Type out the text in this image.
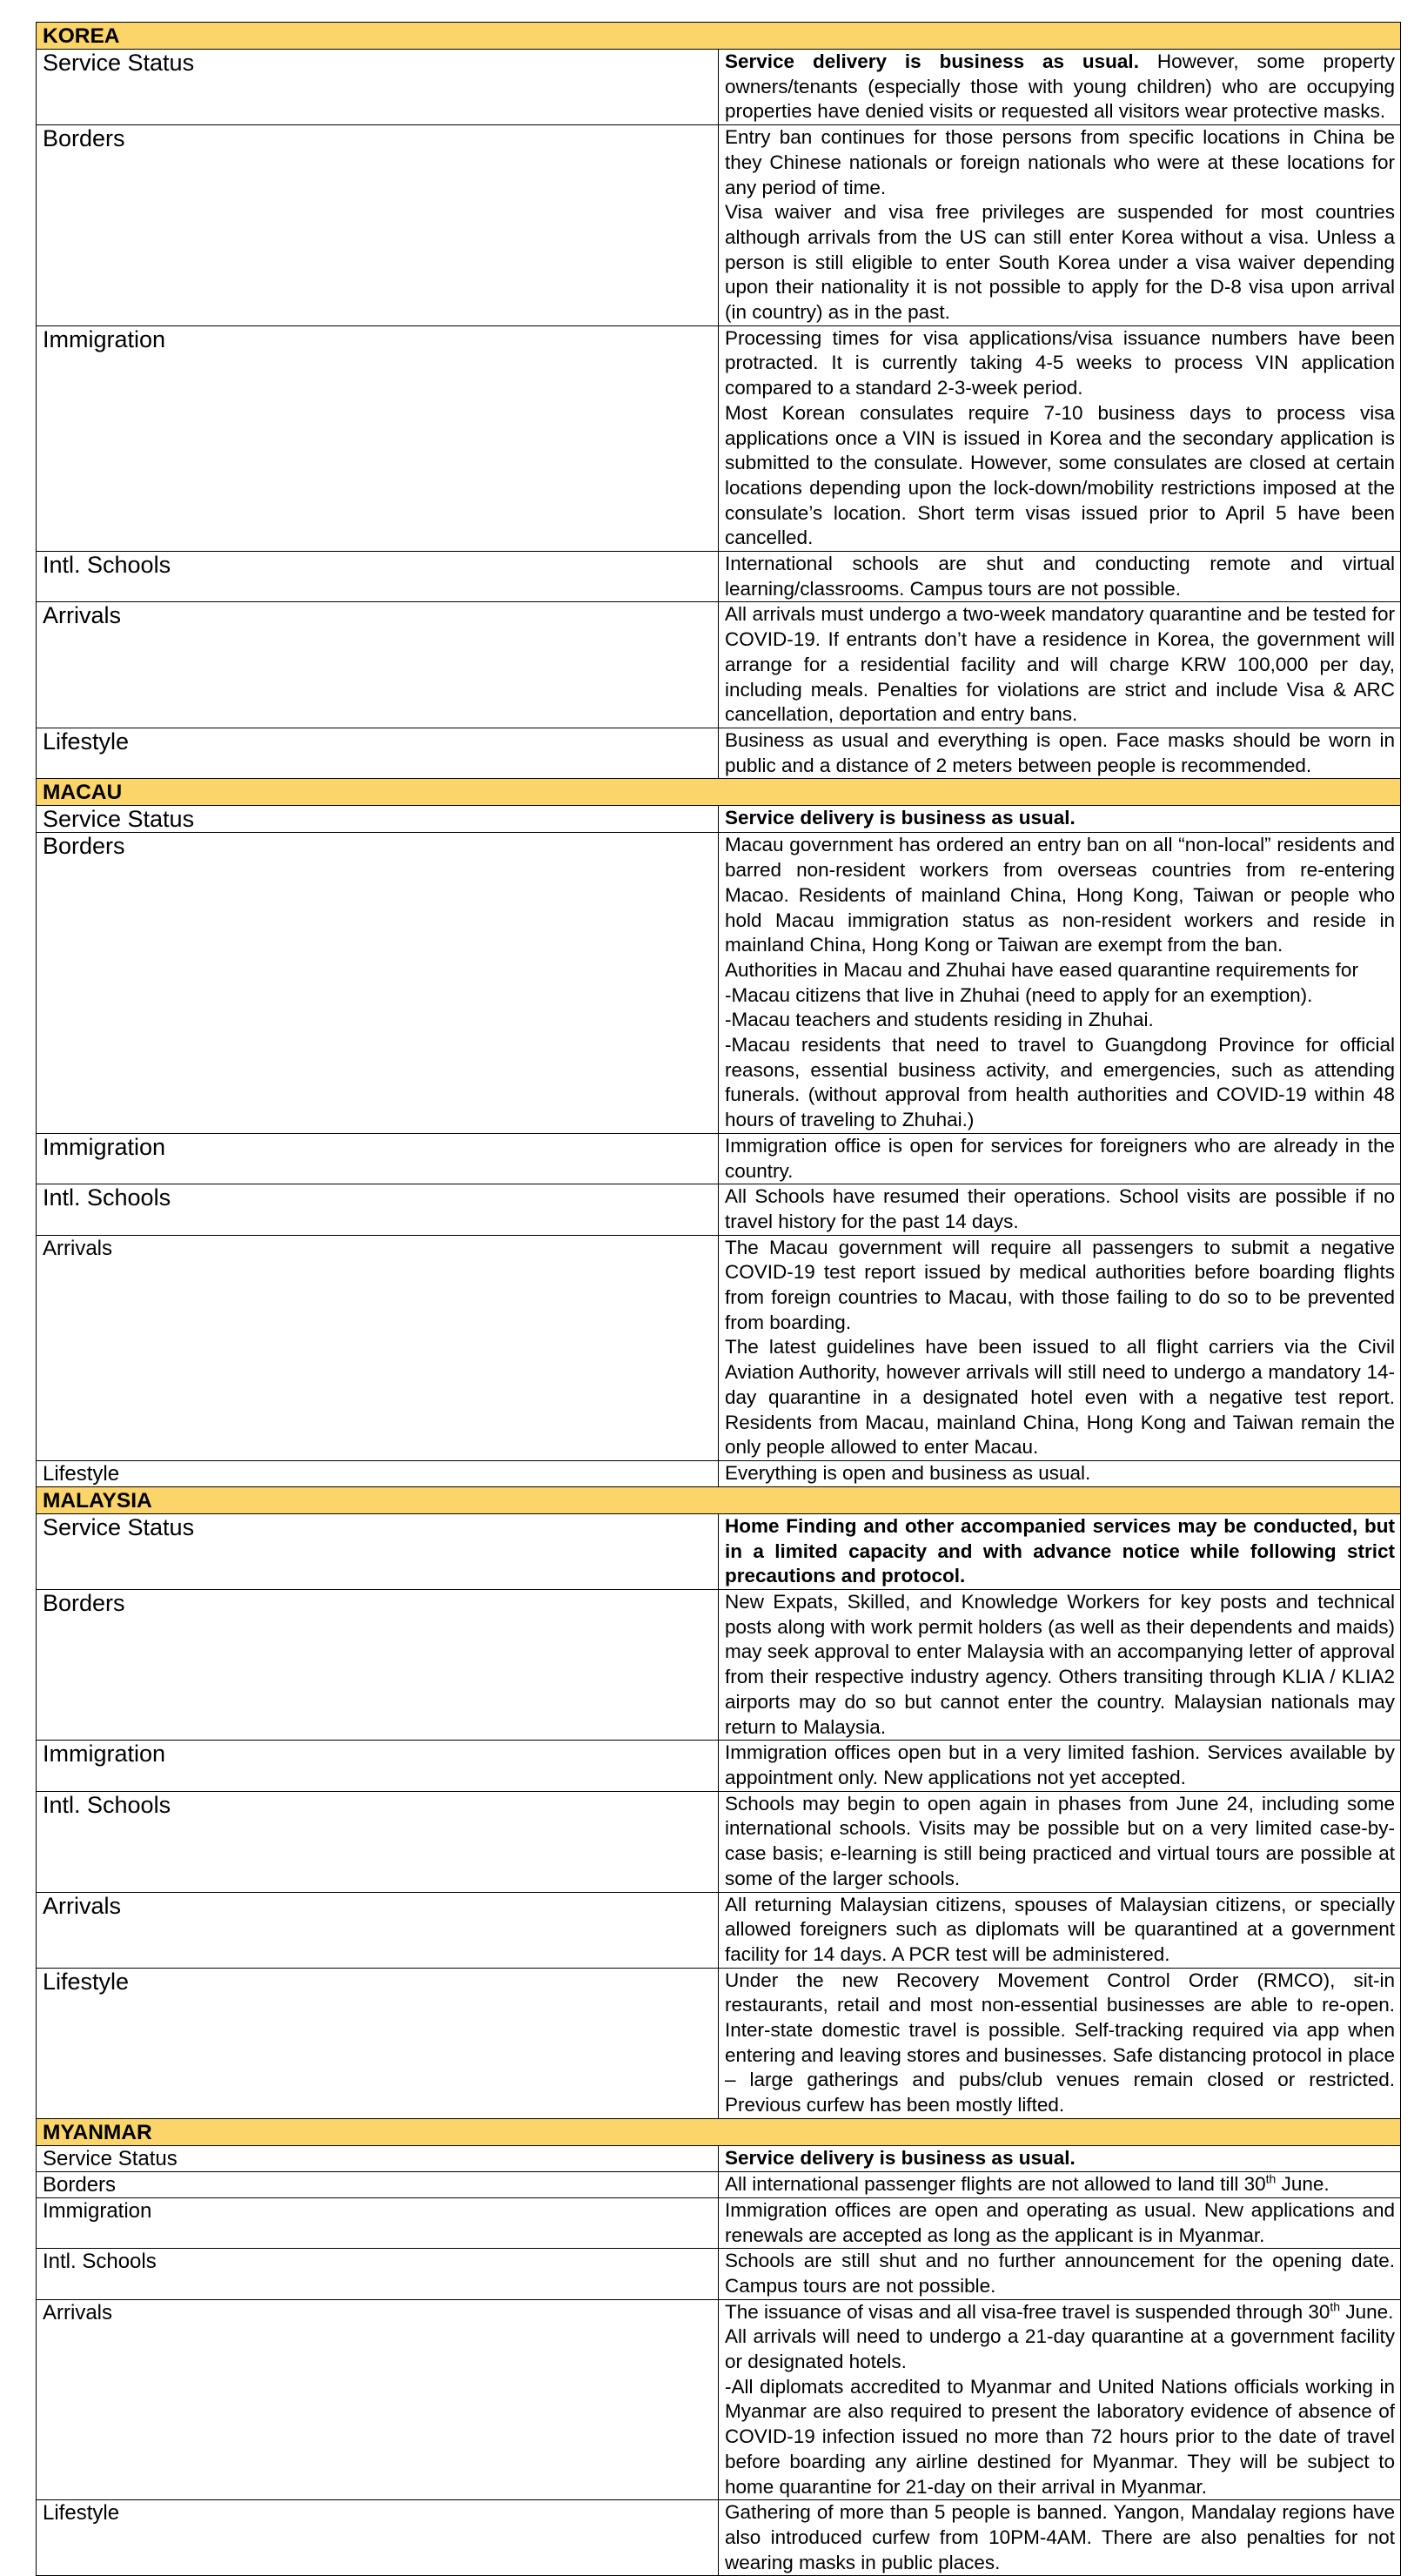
KOREA	
Service Status	Service delivery is business as usual. However, some property owners/tenants (especially those with young children) who are occupying properties have denied visits or requested all visitors wear protective masks.

Borders	Entry ban continues for those persons from specific locations in China be they Chinese nationals or foreign nationals who were at these locations for any period of time.

Visa waiver and visa free privileges are suspended for most countries although arrivals from the US can still enter Korea without a visa. Unless a person is still eligible to enter South Korea under a visa waiver depending upon their nationality it is not possible to apply for the D-8 visa upon arrival (in country) as in the past.

Immigration	Processing times for visa applications/visa issuance numbers have been protracted. It is currently taking 4-5 weeks to process VIN application compared to a standard 2-3-week period.

Most Korean consulates require 7-10 business days to process visa applications once a VIN is issued in Korea and the secondary application is submitted to the consulate. However, some consulates are closed at certain locations depending upon the lock-down/mobility restrictions imposed at the consulate’s location. Short term visas issued prior to April 5 have been cancelled.

Intl. Schools	International schools are shut and conducting remote and virtual learning/classrooms. Campus tours are not possible.

Arrivals	All arrivals must undergo a two-week mandatory quarantine and be tested for COVID-19. If entrants don’t have a residence in Korea, the government will arrange for a residential facility and will charge KRW 100,000 per day, including meals. Penalties for violations are strict and include Visa & ARC cancellation, deportation and entry bans.

Lifestyle	Business as usual and everything is open. Face masks should be worn in public and a distance of 2 meters between people is recommended.

MACAU	
Service Status	Service delivery is business as usual.

Borders	Macau government has ordered an entry ban on all “non-local” residents and barred non-resident workers from overseas countries from re-entering Macao. Residents of mainland China, Hong Kong, Taiwan or people who hold Macau immigration status as non-resident workers and reside in mainland China, Hong Kong or Taiwan are exempt from the ban.

Authorities in Macau and Zhuhai have eased quarantine requirements for

-Macau citizens that live in Zhuhai (need to apply for an exemption).

-Macau teachers and students residing in Zhuhai.

-Macau residents that need to travel to Guangdong Province for official reasons, essential business activity, and emergencies, such as attending funerals. (without approval from health authorities and COVID-19 within 48 hours of traveling to Zhuhai.)

Immigration	Immigration office is open for services for foreigners who are already in the country.

Intl. Schools	All Schools have resumed their operations. School visits are possible if no travel history for the past 14 days.

Arrivals	The Macau government will require all passengers to submit a negative COVID-19 test report issued by medical authorities before boarding flights from foreign countries to Macau, with those failing to do so to be prevented from boarding.

The latest guidelines have been issued to all flight carriers via the Civil Aviation Authority, however arrivals will still need to undergo a mandatory 14-day quarantine in a designated hotel even with a negative test report. Residents from Macau, mainland China, Hong Kong and Taiwan remain the only people allowed to enter Macau.

Lifestyle	Everything is open and business as usual.

MALAYSIA	
Service Status	Home Finding and other accompanied services may be conducted, but in a limited capacity and with advance notice while following strict precautions and protocol.

Borders	New Expats, Skilled, and Knowledge Workers for key posts and technical posts along with work permit holders (as well as their dependents and maids) may seek approval to enter Malaysia with an accompanying letter of approval from their respective industry agency. Others transiting through KLIA / KLIA2 airports may do so but cannot enter the country. Malaysian nationals may return to Malaysia.

Immigration	Immigration offices open but in a very limited fashion. Services available by appointment only. New applications not yet accepted.

Intl. Schools	Schools may begin to open again in phases from June 24, including some international schools. Visits may be possible but on a very limited case-by-case basis; e-learning is still being practiced and virtual tours are possible at some of the larger schools.

Arrivals	All returning Malaysian citizens, spouses of Malaysian citizens, or specially allowed foreigners such as diplomats will be quarantined at a government facility for 14 days. A PCR test will be administered.

Lifestyle	Under the new Recovery Movement Control Order (RMCO), sit-in restaurants, retail and most non-essential businesses are able to re-open. Inter-state domestic travel is possible. Self-tracking required via app when entering and leaving stores and businesses. Safe distancing protocol in place – large gatherings and pubs/club venues remain closed or restricted. Previous curfew has been mostly lifted.

MYANMAR	
Service Status	Service delivery is business as usual.

Borders	All international passenger flights are not allowed to land till 30th June.

Immigration	Immigration offices are open and operating as usual. New applications and renewals are accepted as long as the applicant is in Myanmar.

Intl. Schools	Schools are still shut and no further announcement for the opening date. Campus tours are not possible.

Arrivals	The issuance of visas and all visa-free travel is suspended through 30th June.

All arrivals will need to undergo a 21-day quarantine at a government facility or designated hotels.

-All diplomats accredited to Myanmar and United Nations officials working in Myanmar are also required to present the laboratory evidence of absence of COVID-19 infection issued no more than 72 hours prior to the date of travel before boarding any airline destined for Myanmar. They will be subject to home quarantine for 21-day on their arrival in Myanmar.

Lifestyle	Gathering of more than 5 people is banned. Yangon, Mandalay regions have also introduced curfew from 10PM-4AM. There are also penalties for not wearing masks in public places.
